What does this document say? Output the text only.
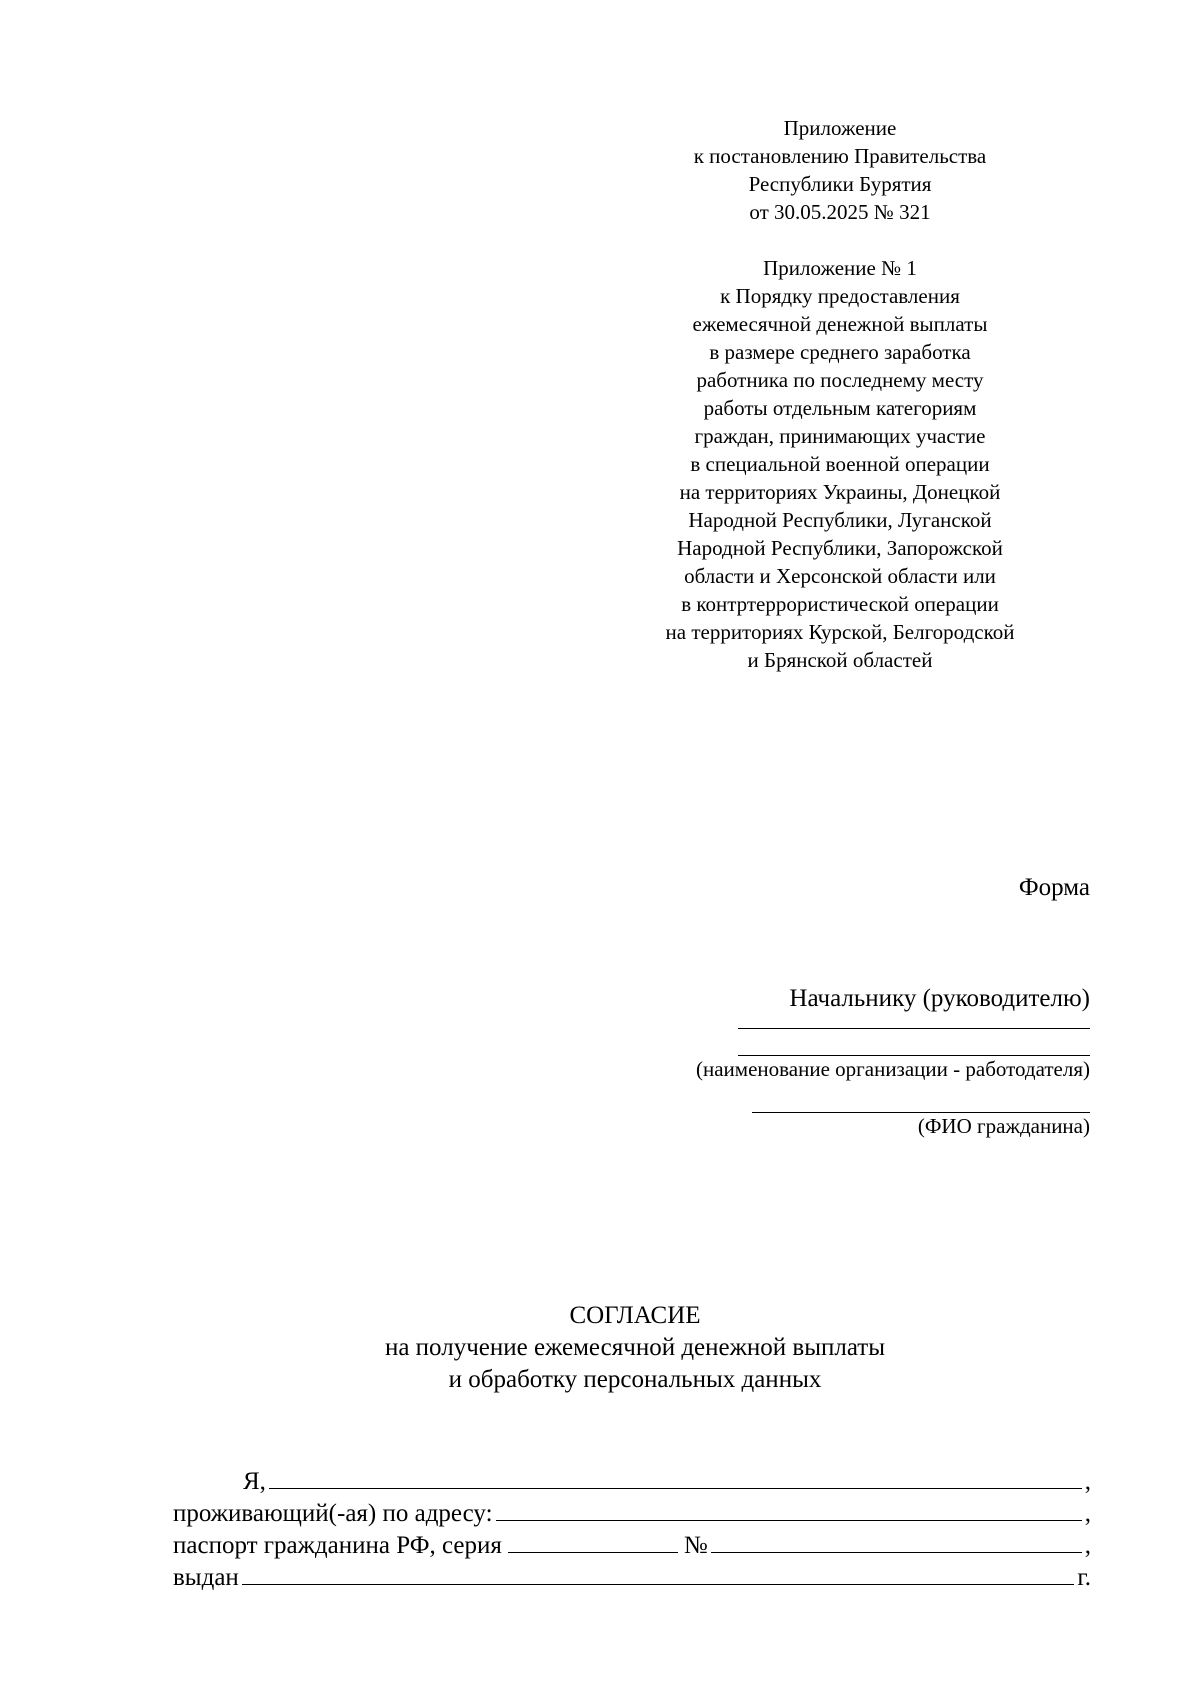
Приложение
к постановлению Правительства
Республики Бурятия
от 30.05.2025 № 321
Приложение № 1
к Порядку предоставления
ежемесячной денежной выплаты
в размере среднего заработка
работника по последнему месту
работы отдельным категориям
граждан, принимающих участие
в специальной военной операции
на территориях Украины, Донецкой
Народной Республики, Луганской
Народной Республики, Запорожской
области и Херсонской области или
в контртеррористической операции
на территориях Курской, Белгородской
и Брянской областей
Форма
Начальнику (руководителю)
(наименование организации - работодателя)
(ФИО гражданина)
СОГЛАСИЕ
на получение ежемесячной денежной выплаты
и обработку персональных данных
Я,	,
проживающий(-ая) по адресу:	,
паспорт гражданина РФ, серия	№	,
выдан	г.
